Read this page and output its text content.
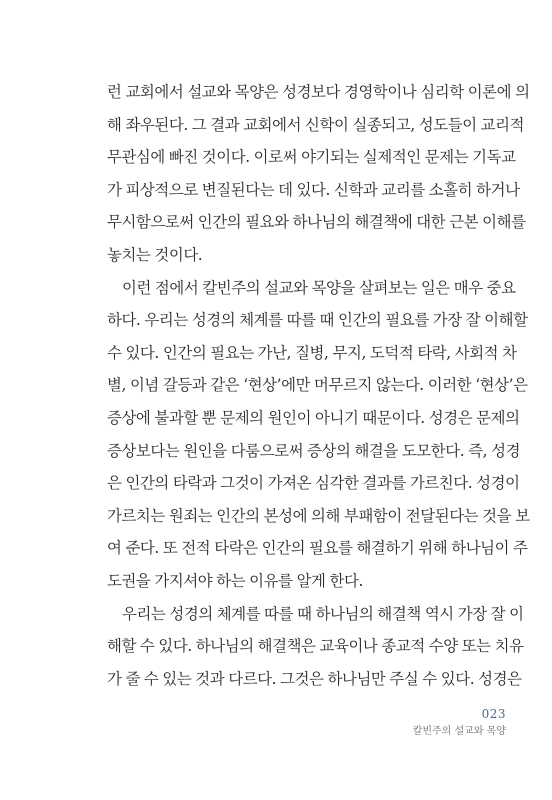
런 교회에서 설교와 목양은 성경보다 경영학이나 심리학 이론에 의
해 좌우된다. 그 결과 교회에서 신학이 실종되고, 성도들이 교리적
무관심에 빠진 것이다. 이로써 야기되는 실제적인 문제는 기독교
가 피상적으로 변질된다는 데 있다. 신학과 교리를 소홀히 하거나
무시함으로써 인간의 필요와 하나님의 해결책에 대한 근본 이해를
놓치는 것이다.
이런 점에서 칼빈주의 설교와 목양을 살펴보는 일은 매우 중요
하다. 우리는 성경의 체계를 따를 때 인간의 필요를 가장 잘 이해할
수 있다. 인간의 필요는 가난, 질병, 무지, 도덕적 타락, 사회적 차
별, 이념 갈등과 같은 ‘현상’에만 머무르지 않는다. 이러한 ‘현상’은
증상에 불과할 뿐 문제의 원인이 아니기 때문이다. 성경은 문제의
증상보다는 원인을 다룸으로써 증상의 해결을 도모한다. 즉, 성경
은 인간의 타락과 그것이 가져온 심각한 결과를 가르친다. 성경이
가르치는 원죄는 인간의 본성에 의해 부패함이 전달된다는 것을 보
여 준다. 또 전적 타락은 인간의 필요를 해결하기 위해 하나님이 주
도권을 가지셔야 하는 이유를 알게 한다.
우리는 성경의 체계를 따를 때 하나님의 해결책 역시 가장 잘 이
해할 수 있다. 하나님의 해결책은 교육이나 종교적 수양 또는 치유
가 줄 수 있는 것과 다르다. 그것은 하나님만 주실 수 있다. 성경은
023
칼빈주의 설교와 목양
